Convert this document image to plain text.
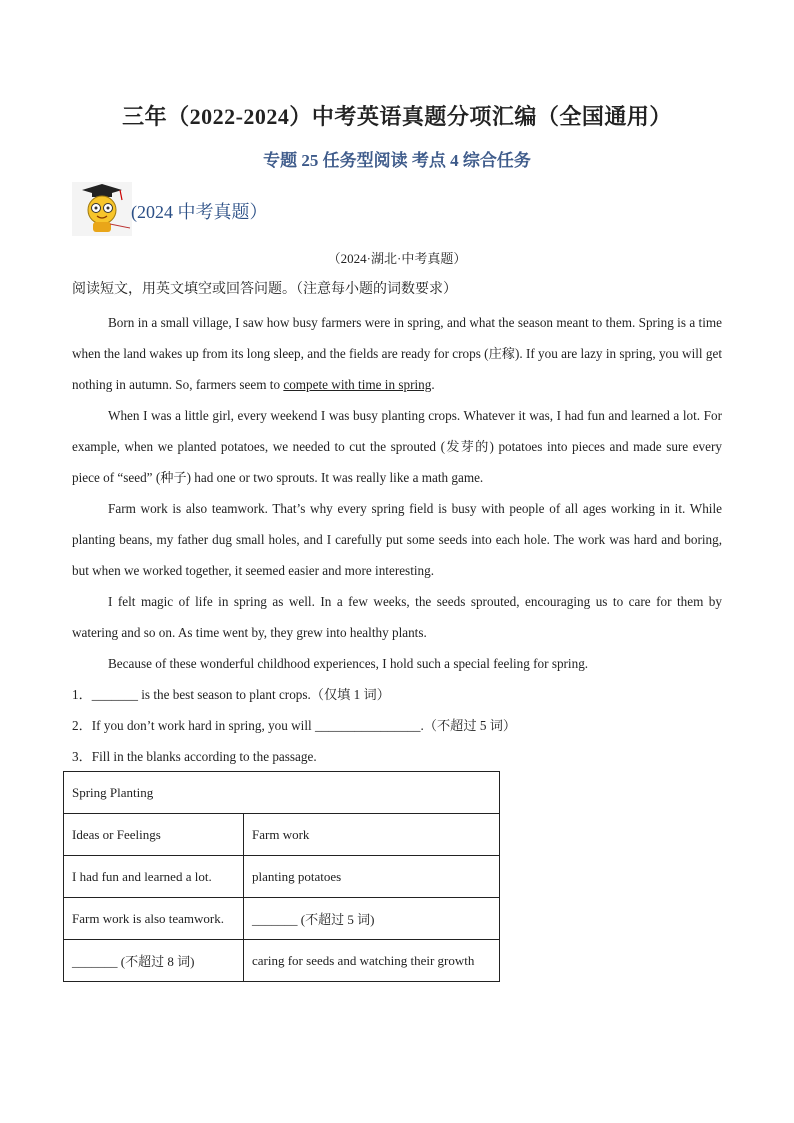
三年（2022-2024）中考英语真题分项汇编（全国通用）
专题 25 任务型阅读 考点 4 综合任务
(2024 中考真题）
（2024·湖北·中考真题）
阅读短文，用英文填空或回答问题。（注意每小题的词数要求）

Born in a small village, I saw how busy farmers were in spring, and what the season meant to them. Spring is a time when the land wakes up from its long sleep, and the fields are ready for crops (庄稼). If you are lazy in spring, you will get nothing in autumn. So, farmers seem to compete with time in spring.

When I was a little girl, every weekend I was busy planting crops. Whatever it was, I had fun and learned a lot. For example, when we planted potatoes, we needed to cut the sprouted (发芽的) potatoes into pieces and made sure every piece of “seed” (种子) had one or two sprouts. It was really like a math game.

Farm work is also teamwork. That’s why every spring field is busy with people of all ages working in it. While planting beans, my father dug small holes, and I carefully put some seeds into each hole. The work was hard and boring, but when we worked together, it seemed easier and more interesting.

I felt magic of life in spring as well. In a few weeks, the seeds sprouted, encouraging us to care for them by watering and so on. As time went by, they grew into healthy plants.

Because of these wonderful childhood experiences, I hold such a special feeling for spring.

1．_______ is the best season to plant crops.（仅填 1 词）
2．If you don’t work hard in spring, you will ________________.（不超过 5 词）
3．Fill in the blanks according to the passage.
Spring Planting	
Ideas or Feelings	Farm work
I had fun and learned a lot.	planting potatoes
Farm work is also teamwork.	_______ (不超过 5 词)
_______ (不超过 8 词)	caring for seeds and watching their growth
